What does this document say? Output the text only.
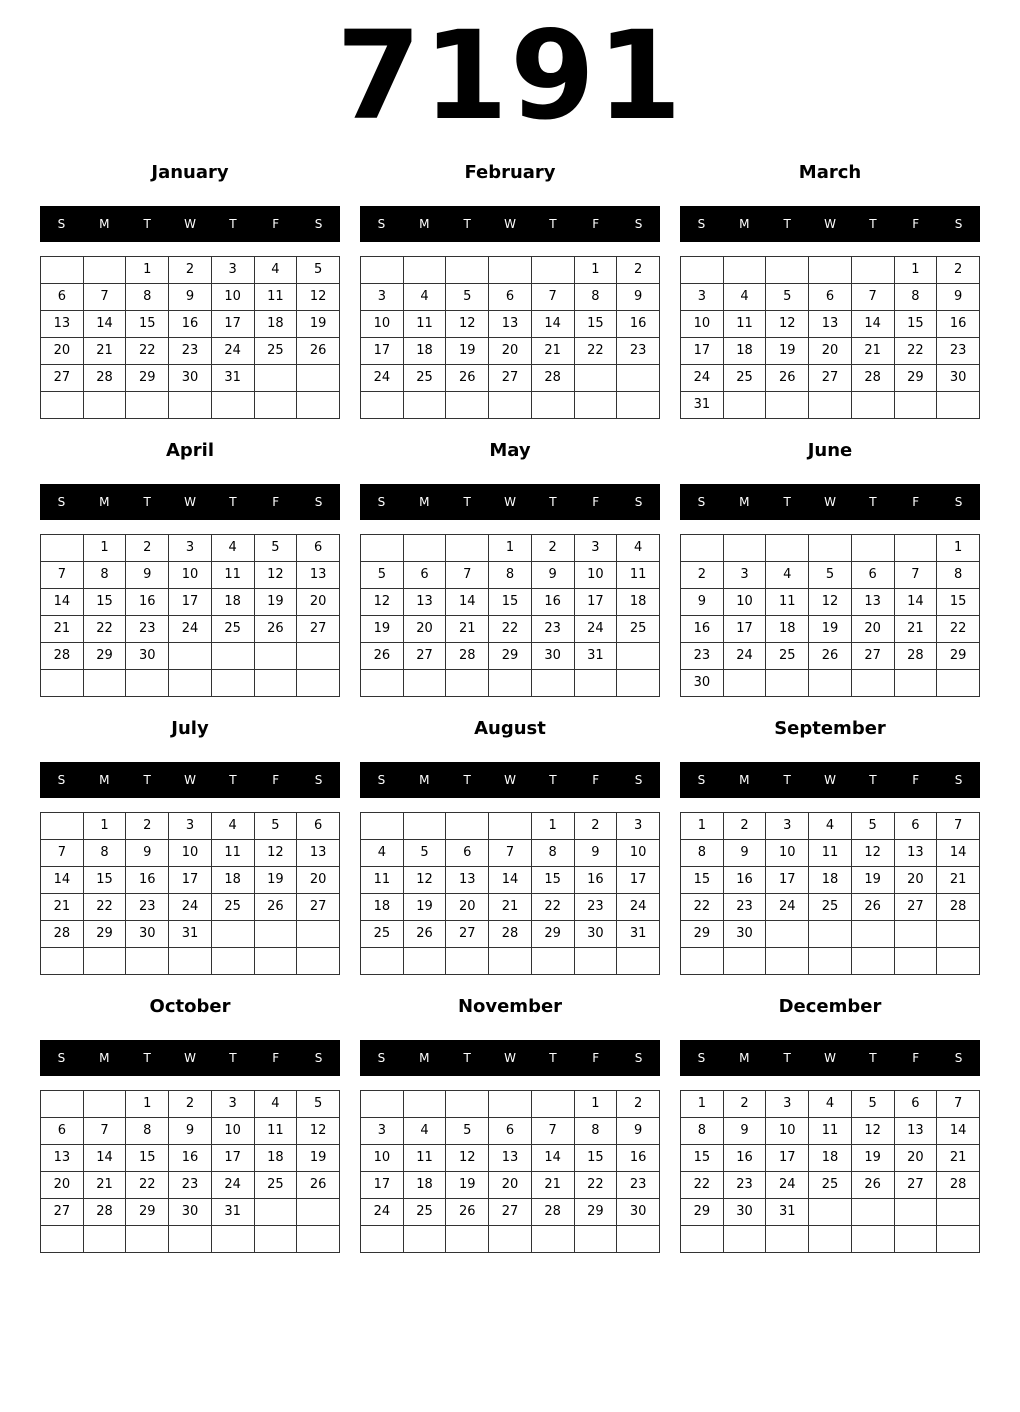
7191
January
S	M	T	W	T	F	S
		1	2	3	4	5
6	7	8	9	10	11	12
13	14	15	16	17	18	19
20	21	22	23	24	25	26
27	28	29	30	31		

February
S	M	T	W	T	F	S
					1	2
3	4	5	6	7	8	9
10	11	12	13	14	15	16
17	18	19	20	21	22	23
24	25	26	27	28		

March
S	M	T	W	T	F	S
					1	2
3	4	5	6	7	8	9
10	11	12	13	14	15	16
17	18	19	20	21	22	23
24	25	26	27	28	29	30
31						
April
S	M	T	W	T	F	S
	1	2	3	4	5	6
7	8	9	10	11	12	13
14	15	16	17	18	19	20
21	22	23	24	25	26	27
28	29	30				

May
S	M	T	W	T	F	S
			1	2	3	4
5	6	7	8	9	10	11
12	13	14	15	16	17	18
19	20	21	22	23	24	25
26	27	28	29	30	31	

June
S	M	T	W	T	F	S
						1
2	3	4	5	6	7	8
9	10	11	12	13	14	15
16	17	18	19	20	21	22
23	24	25	26	27	28	29
30						
July
S	M	T	W	T	F	S
	1	2	3	4	5	6
7	8	9	10	11	12	13
14	15	16	17	18	19	20
21	22	23	24	25	26	27
28	29	30	31			

August
S	M	T	W	T	F	S
				1	2	3
4	5	6	7	8	9	10
11	12	13	14	15	16	17
18	19	20	21	22	23	24
25	26	27	28	29	30	31

September
S	M	T	W	T	F	S
1	2	3	4	5	6	7
8	9	10	11	12	13	14
15	16	17	18	19	20	21
22	23	24	25	26	27	28
29	30					

October
S	M	T	W	T	F	S
		1	2	3	4	5
6	7	8	9	10	11	12
13	14	15	16	17	18	19
20	21	22	23	24	25	26
27	28	29	30	31		

November
S	M	T	W	T	F	S
					1	2
3	4	5	6	7	8	9
10	11	12	13	14	15	16
17	18	19	20	21	22	23
24	25	26	27	28	29	30

December
S	M	T	W	T	F	S
1	2	3	4	5	6	7
8	9	10	11	12	13	14
15	16	17	18	19	20	21
22	23	24	25	26	27	28
29	30	31				
